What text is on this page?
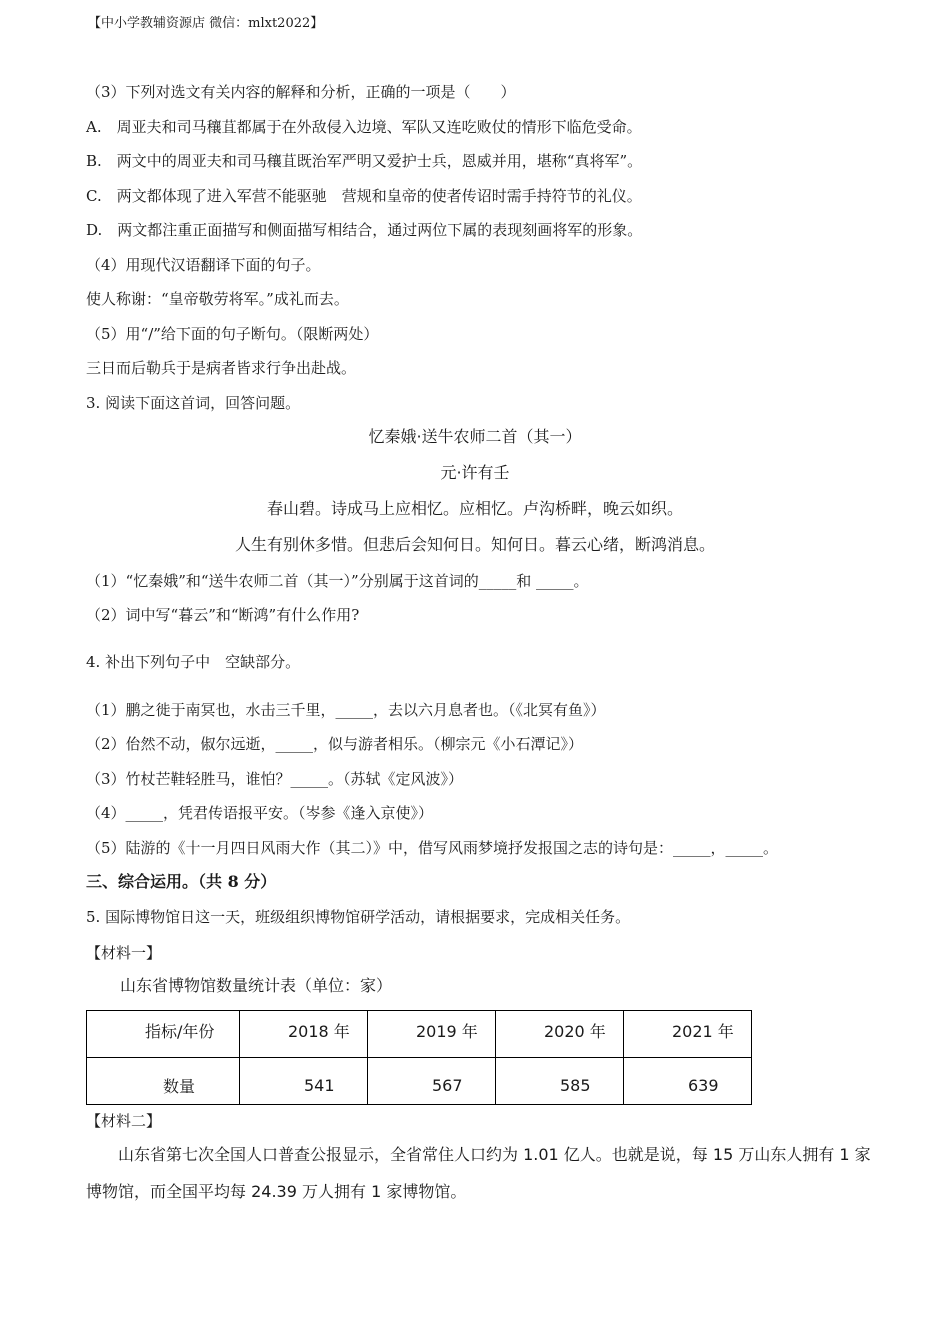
【中小学教辅资源店 微信：mlxt2022】
（3）下列对选文有关内容的解释和分析，正确的一项是（　　）
A.　周亚夫和司马穰苴都属于在外敌侵入边境、军队又连吃败仗的情形下临危受命。
B.　两文中的周亚夫和司马穰苴既治军严明又爱护士兵，恩威并用，堪称“真将军”。
C.　两文都体现了进入军营不能驱驰　营规和皇帝的使者传诏时需手持符节的礼仪。
D.　两文都注重正面描写和侧面描写相结合，通过两位下属的表现刻画将军的形象。
（4）用现代汉语翻译下面的句子。
使人称谢：“皇帝敬劳将军。”成礼而去。
（5）用“/”给下面的句子断句。（限断两处）
三日而后勒兵于是病者皆求行争出赴战。
3. 阅读下面这首词，回答问题。
忆秦娥·送牛农师二首（其一）
元·许有壬
春山碧。诗成马上应相忆。应相忆。卢沟桥畔，晚云如织。
人生有别休多惜。但悲后会知何日。知何日。暮云心绪，断鸿消息。
（1）“忆秦娥”和“送牛农师二首（其一）”分别属于这首词的_____和 _____。
（2）词中写“暮云”和“断鸿”有什么作用?
4. 补出下列句子中　空缺部分。
（1）鹏之徙于南冥也，水击三千里，_____，去以六月息者也。（《北冥有鱼》）
（2）佁然不动，俶尔远逝，_____，似与游者相乐。（柳宗元《小石潭记》）
（3）竹杖芒鞋轻胜马，谁怕？_____。（苏轼《定风波》）
（4）_____，凭君传语报平安。（岑参《逢入京使》）
（5）陆游的《十一月四日风雨大作（其二）》中，借写风雨梦境抒发报国之志的诗句是：_____，_____。
三、综合运用。（共 8 分）
5. 国际博物馆日这一天，班级组织博物馆研学活动，请根据要求，完成相关任务。
【材料一】
山东省博物馆数量统计表（单位：家）
指标/年份	2018 年	2019 年	2020 年	2021 年

数量	541	567	585	639
【材料二】
山东省第七次全国人口普查公报显示，全省常住人口约为 1.01 亿人。也就是说，每 15 万山东人拥有 1 家博物馆，而全国平均每 24.39 万人拥有 1 家博物馆。
